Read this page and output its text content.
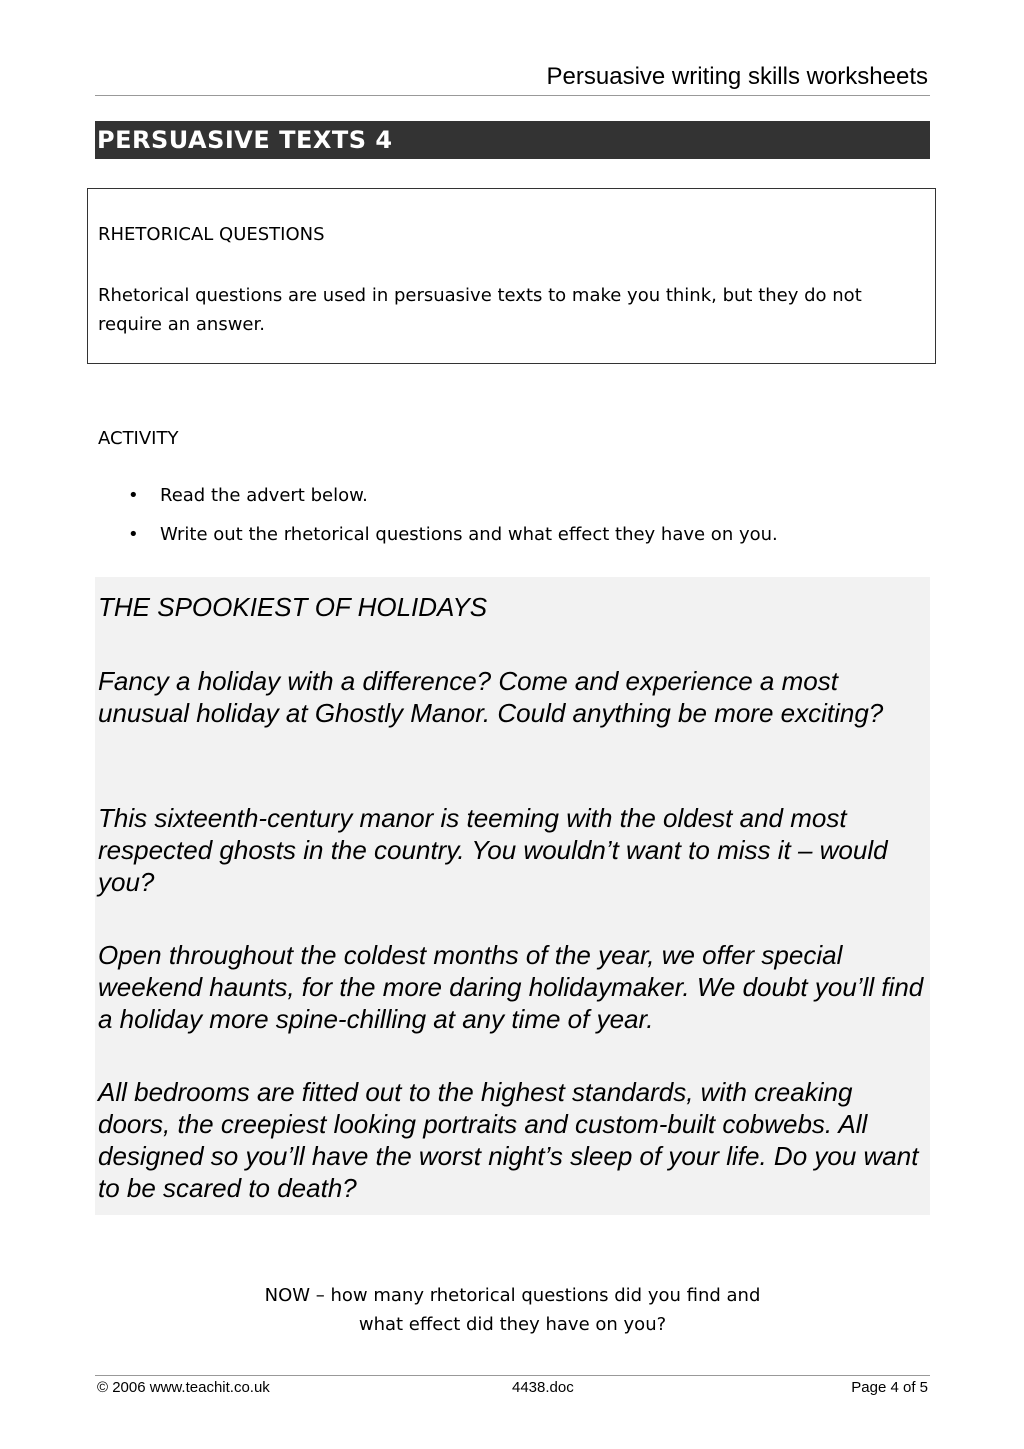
Persuasive writing skills worksheets
PERSUASIVE TEXTS 4
RHETORICAL QUESTIONS
Rhetorical questions are used in persuasive texts to make you think, but they do not require an answer.
ACTIVITY
• Read the advert below.
• Write out the rhetorical questions and what effect they have on you.
THE SPOOKIEST OF HOLIDAYS

Fancy a holiday with a difference? Come and experience a most unusual holiday at Ghostly Manor. Could anything be more exciting?

This sixteenth-century manor is teeming with the oldest and most respected ghosts in the country. You wouldn’t want to miss it – would you?

Open throughout the coldest months of the year, we offer special weekend haunts, for the more daring holidaymaker. We doubt you’ll find a holiday more spine-chilling at any time of year.

All bedrooms are fitted out to the highest standards, with creaking doors, the creepiest looking portraits and custom-built cobwebs. All designed so you’ll have the worst night’s sleep of your life. Do you want to be scared to death?

NOW – how many rhetorical questions did you find and
what effect did they have on you?
© 2006 www.teachit.co.uk	4438.doc	Page 4 of 5
